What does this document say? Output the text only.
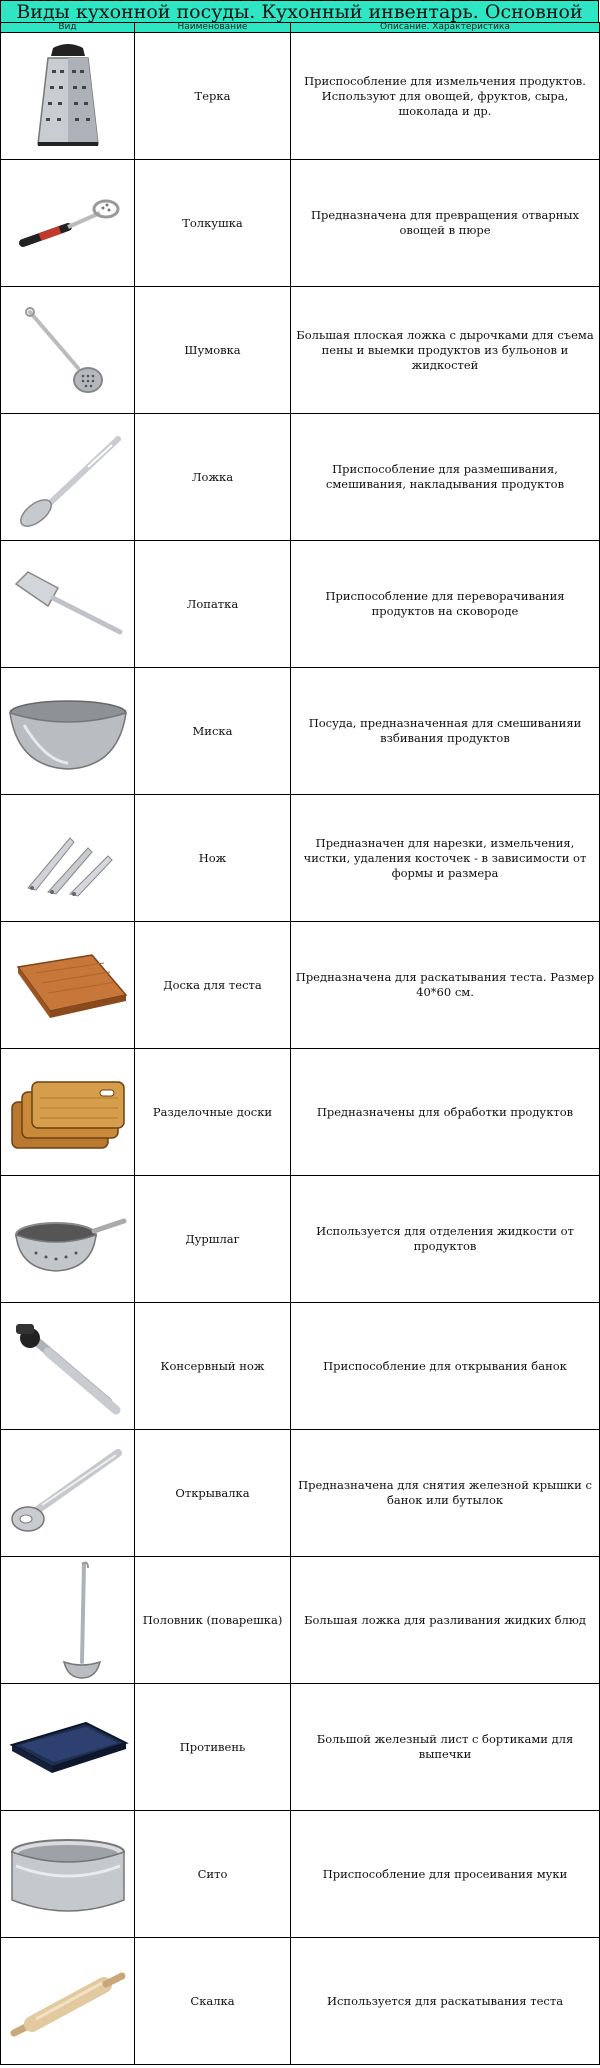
Виды кухонной посуды. Кухонный инвентарь. Основной
Вид	Наименование	Описание. Характеристика

	Терка	Приспособление для измельчения продуктов. Используют для овощей, фруктов, сыра, шоколада и др.

	Толкушка	Предназначена для превращения отварных овощей в пюре

	Шумовка	Большая плоская ложка с дырочками для съема пены и выемки продуктов из бульонов и жидкостей

	Ложка	Приспособление для размешивания, смешивания, накладывания продуктов

	Лопатка	Приспособление для переворачивания продуктов на сковороде

	Миска	Посуда, предназначенная для смешиванияи взбивания продуктов

	Нож	Предназначен для нарезки, измельчения, чистки, удаления косточек - в зависимости от формы и размера

	Доска для теста	Предназначена для раскатывания теста. Размер 40*60 см.

	Разделочные доски	Предназначены для обработки продуктов

	Дуршлаг	Используется для отделения жидкости от продуктов

	Консервный нож	Приспособление для открывания банок

	Открывалка	Предназначена для снятия железной крышки с банок или бутылок

	Половник (поварешка)	Большая ложка для разливания жидких блюд

	Противень	Большой железный лист с бортиками для выпечки

	Сито	Приспособление для просеивания муки

	Скалка	Используется для раскатывания теста
